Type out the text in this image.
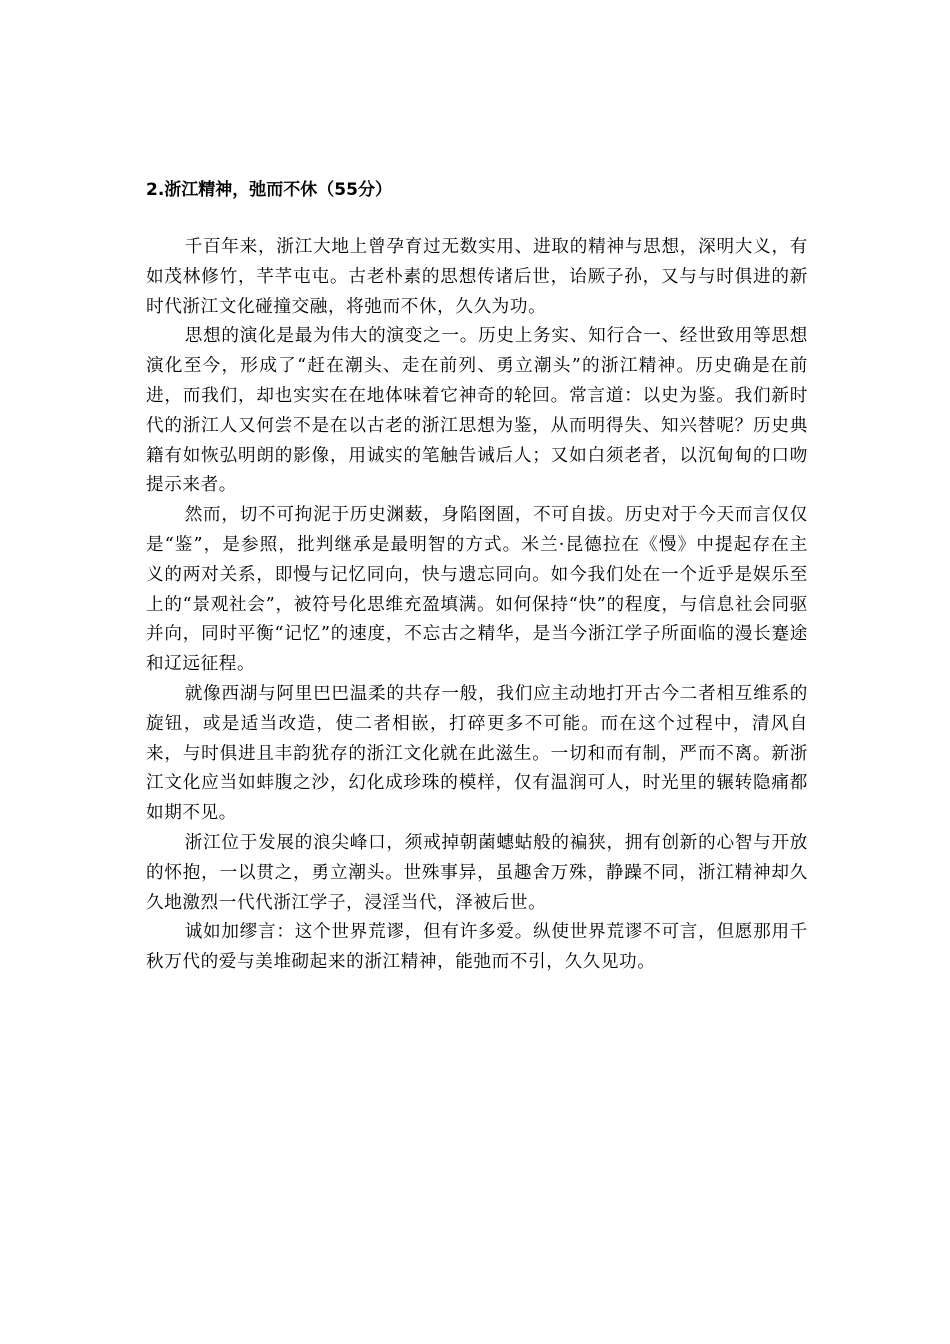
2.浙江精神，弛而不休（55分）

千百年来，浙江大地上曾孕育过无数实用、进取的精神与思想，深明大义，有如茂林修竹，芊芊屯屯。古老朴素的思想传诸后世，诒厥子孙，又与与时俱进的新时代浙江文化碰撞交融，将弛而不休，久久为功。

思想的演化是最为伟大的演变之一。历史上务实、知行合一、经世致用等思想演化至今，形成了“赶在潮头、走在前列、勇立潮头”的浙江精神。历史确是在前进，而我们，却也实实在在地体味着它神奇的轮回。常言道：以史为鉴。我们新时代的浙江人又何尝不是在以古老的浙江思想为鉴，从而明得失、知兴替呢？历史典籍有如恢弘明朗的影像，用诚实的笔触告诫后人；又如白须老者，以沉甸甸的口吻提示来者。

然而，切不可拘泥于历史渊薮，身陷囹圄，不可自拔。历史对于今天而言仅仅是“鉴”，是参照，批判继承是最明智的方式。米兰·昆德拉在《慢》中提起存在主义的两对关系，即慢与记忆同向，快与遗忘同向。如今我们处在一个近乎是娱乐至上的“景观社会”，被符号化思维充盈填满。如何保持“快”的程度，与信息社会同驱并向，同时平衡“记忆”的速度，不忘古之精华，是当今浙江学子所面临的漫长蹇途和辽远征程。

就像西湖与阿里巴巴温柔的共存一般，我们应主动地打开古今二者相互维系的旋钮，或是适当改造，使二者相嵌，打碎更多不可能。而在这个过程中，清风自来，与时俱进且丰韵犹存的浙江文化就在此滋生。一切和而有制，严而不离。新浙江文化应当如蚌腹之沙，幻化成珍珠的模样，仅有温润可人，时光里的辗转隐痛都如期不见。

浙江位于发展的浪尖峰口，须戒掉朝菌蟪蛄般的褊狭，拥有创新的心智与开放的怀抱，一以贯之，勇立潮头。世殊事异，虽趣舍万殊，静躁不同，浙江精神却久久地激烈一代代浙江学子，浸淫当代，泽被后世。

诚如加缪言：这个世界荒谬，但有许多爱。纵使世界荒谬不可言，但愿那用千秋万代的爱与美堆砌起来的浙江精神，能弛而不引，久久见功。
